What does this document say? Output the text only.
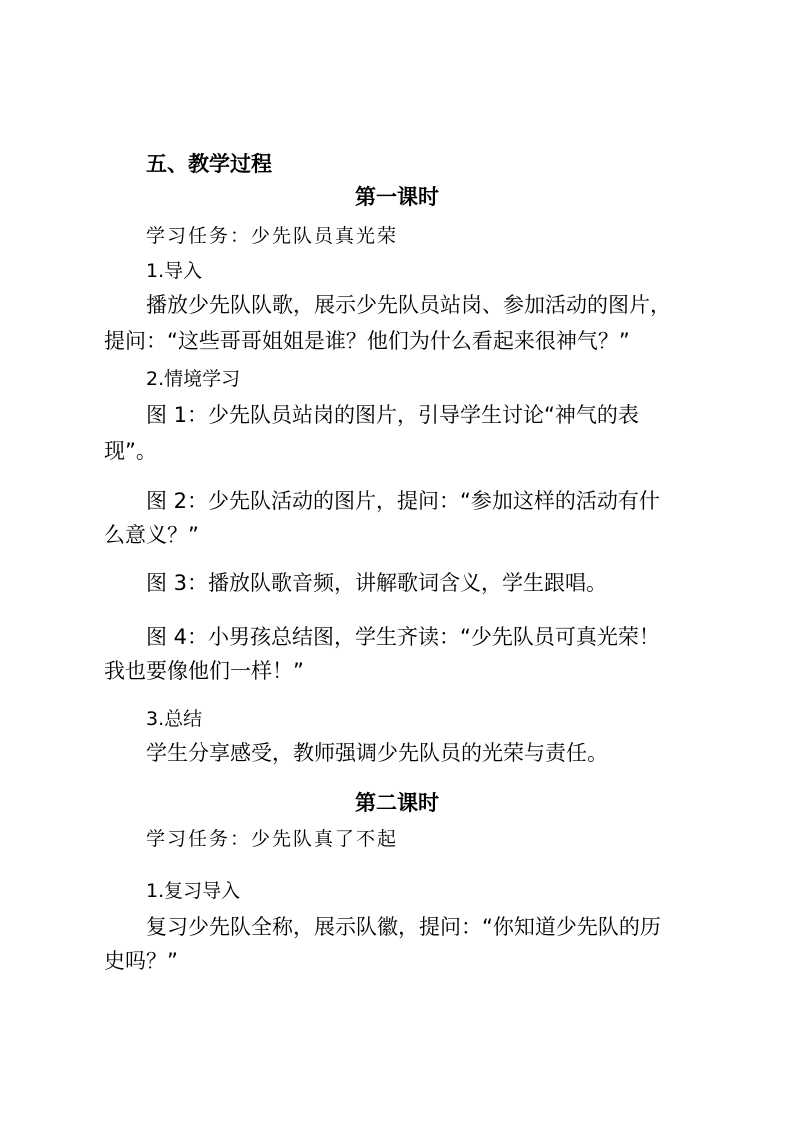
五、教学过程
第一课时
学习任务：少先队员真光荣
1.导入
播放少先队队歌，展示少先队员站岗、参加活动的图片，
提问：“这些哥哥姐姐是谁？他们为什么看起来很神气？”
2.情境学习
图 1：少先队员站岗的图片，引导学生讨论“神气的表
现”。
图 2：少先队活动的图片，提问：“参加这样的活动有什
么意义？”
图 3：播放队歌音频，讲解歌词含义，学生跟唱。
图 4：小男孩总结图，学生齐读：“少先队员可真光荣！
我也要像他们一样！”
3.总结
学生分享感受，教师强调少先队员的光荣与责任。
第二课时
学习任务：少先队真了不起
1.复习导入
复习少先队全称，展示队徽，提问：“你知道少先队的历
史吗？”
